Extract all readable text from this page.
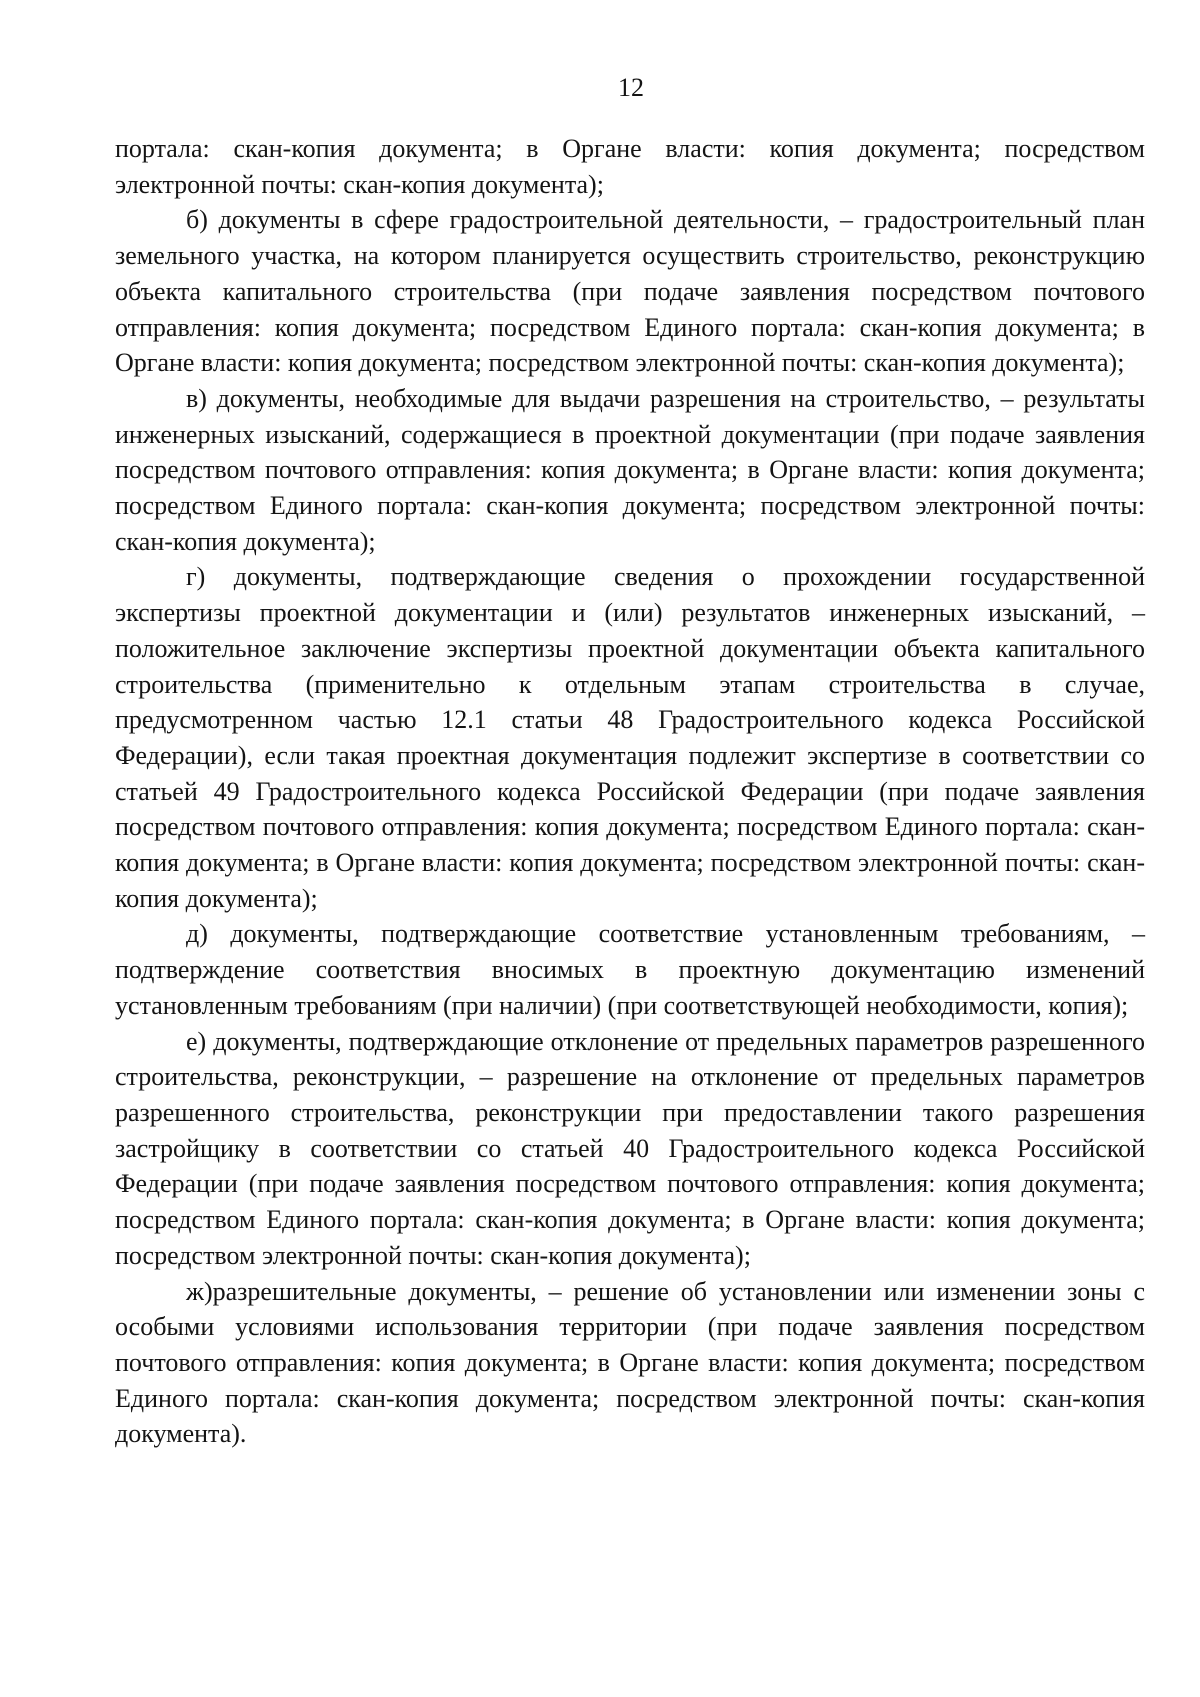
12

портала: скан-копия документа; в Органе власти: копия документа; посредством электронной почты: скан-копия документа);

б) документы в сфере градостроительной деятельности, – градостроительный план земельного участка, на котором планируется осуществить строительство, реконструкцию объекта капитального строительства (при подаче заявления посредством почтового отправления: копия документа; посредством Единого портала: скан-копия документа; в Органе власти: копия документа; посредством электронной почты: скан-копия документа);

в) документы, необходимые для выдачи разрешения на строительство, – результаты инженерных изысканий, содержащиеся в проектной документации (при подаче заявления посредством почтового отправления: копия документа; в Органе власти: копия документа; посредством Единого портала: скан-копия документа; посредством электронной почты: скан-копия документа);

г) документы, подтверждающие сведения о прохождении государственной экспертизы проектной документации и (или) результатов инженерных изысканий, – положительное заключение экспертизы проектной документации объекта капитального строительства (применительно к отдельным этапам строительства в случае, предусмотренном частью 12.1 статьи 48 Градостроительного кодекса Российской Федерации), если такая проектная документация подлежит экспертизе в соответствии со статьей 49 Градостроительного кодекса Российской Федерации (при подаче заявления посредством почтового отправления: копия документа; посредством Единого портала: скан-копия документа; в Органе власти: копия документа; посредством электронной почты: скан-копия документа);

д) документы, подтверждающие соответствие установленным требованиям, – подтверждение соответствия вносимых в проектную документацию изменений установленным требованиям (при наличии) (при соответствующей необходимости, копия);

е) документы, подтверждающие отклонение от предельных параметров разрешенного строительства, реконструкции, – разрешение на отклонение от предельных параметров разрешенного строительства, реконструкции при предоставлении такого разрешения застройщику в соответствии со статьей 40 Градостроительного кодекса Российской Федерации (при подаче заявления посредством почтового отправления: копия документа; посредством Единого портала: скан-копия документа; в Органе власти: копия документа; посредством электронной почты: скан-копия документа);

ж)разрешительные документы, – решение об установлении или изменении зоны с особыми условиями использования территории (при подаче заявления посредством почтового отправления: копия документа; в Органе власти: копия документа; посредством Единого портала: скан-копия документа; посредством электронной почты: скан-копия документа).
